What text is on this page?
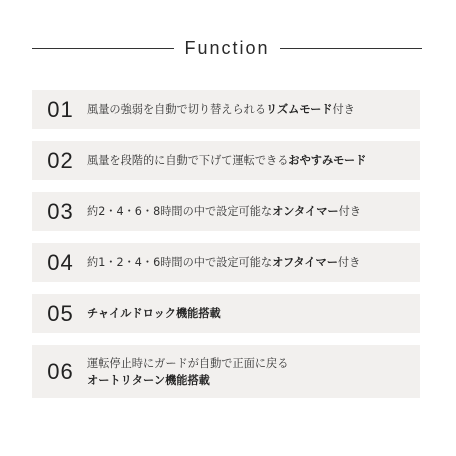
Function
01	風量の強弱を自動で切り替えられるリズムモード付き
02	風量を段階的に自動で下げて運転できるおやすみモード
03	約2・4・6・8時間の中で設定可能なオンタイマー付き
04	約1・2・4・6時間の中で設定可能なオフタイマー付き
05	チャイルドロック機能搭載
06	運転停止時にガードが自動で正面に戻る
オートリターン機能搭載
